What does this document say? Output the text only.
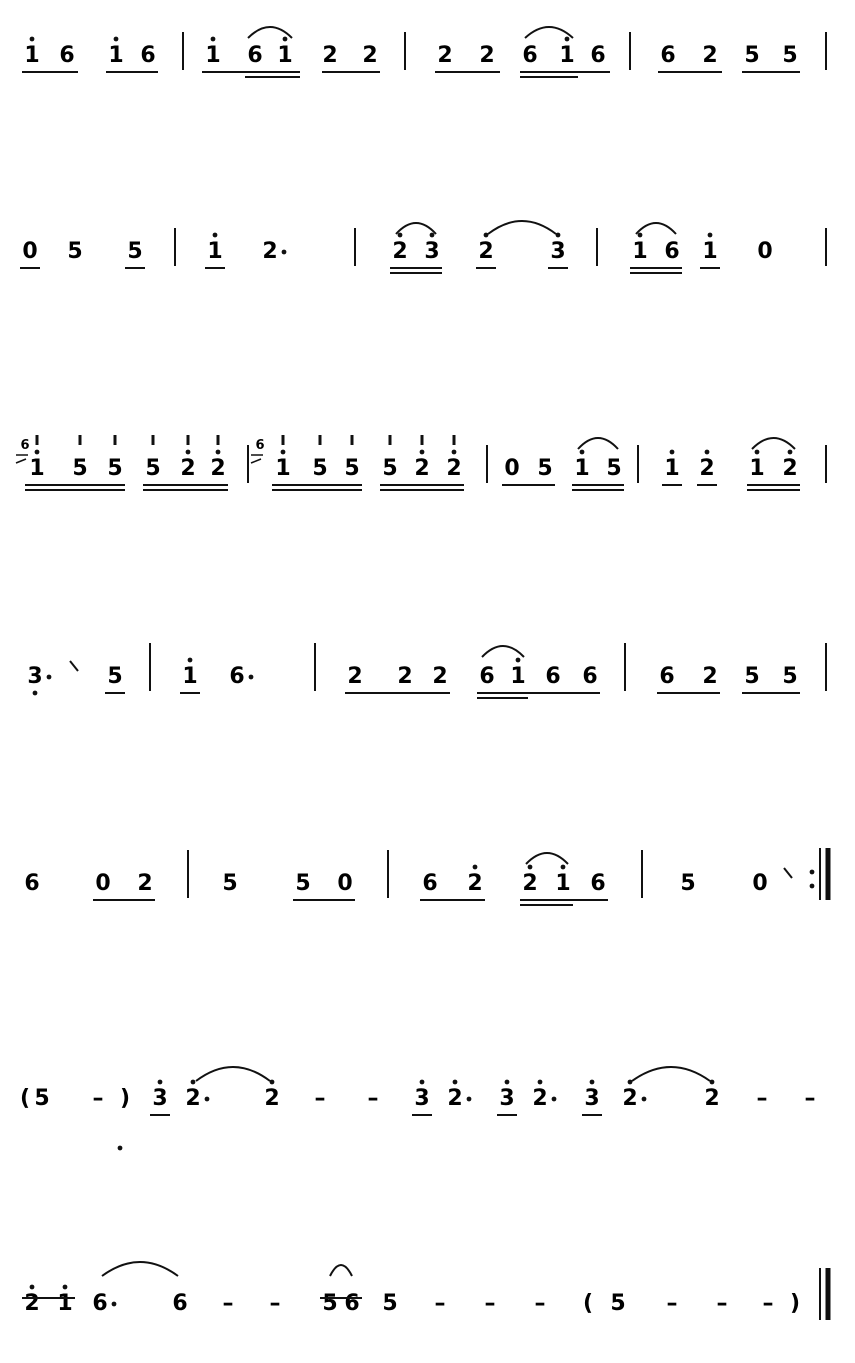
1 6 1 6 1 6 1 2 2	2 2 6 1 6 6 2 5 5
0 5 5	1 2	2 3 2	3	1 6 1 0
6	6
1 5 5 5 2 2 1 5 5 5 2 2 0 5 1 5 1 2 1 2
3	5	1 6	2 2 2 6 1 6 6	6 2 5 5
6	0 2	5	5 0	6 2 2 1 6	5	0
( 5 – ) 3 2	2 – – 3 2 3 2 3 2	2 – –
2 1 6	6 – – 5 6 5 – – – ( 5 – – – )
